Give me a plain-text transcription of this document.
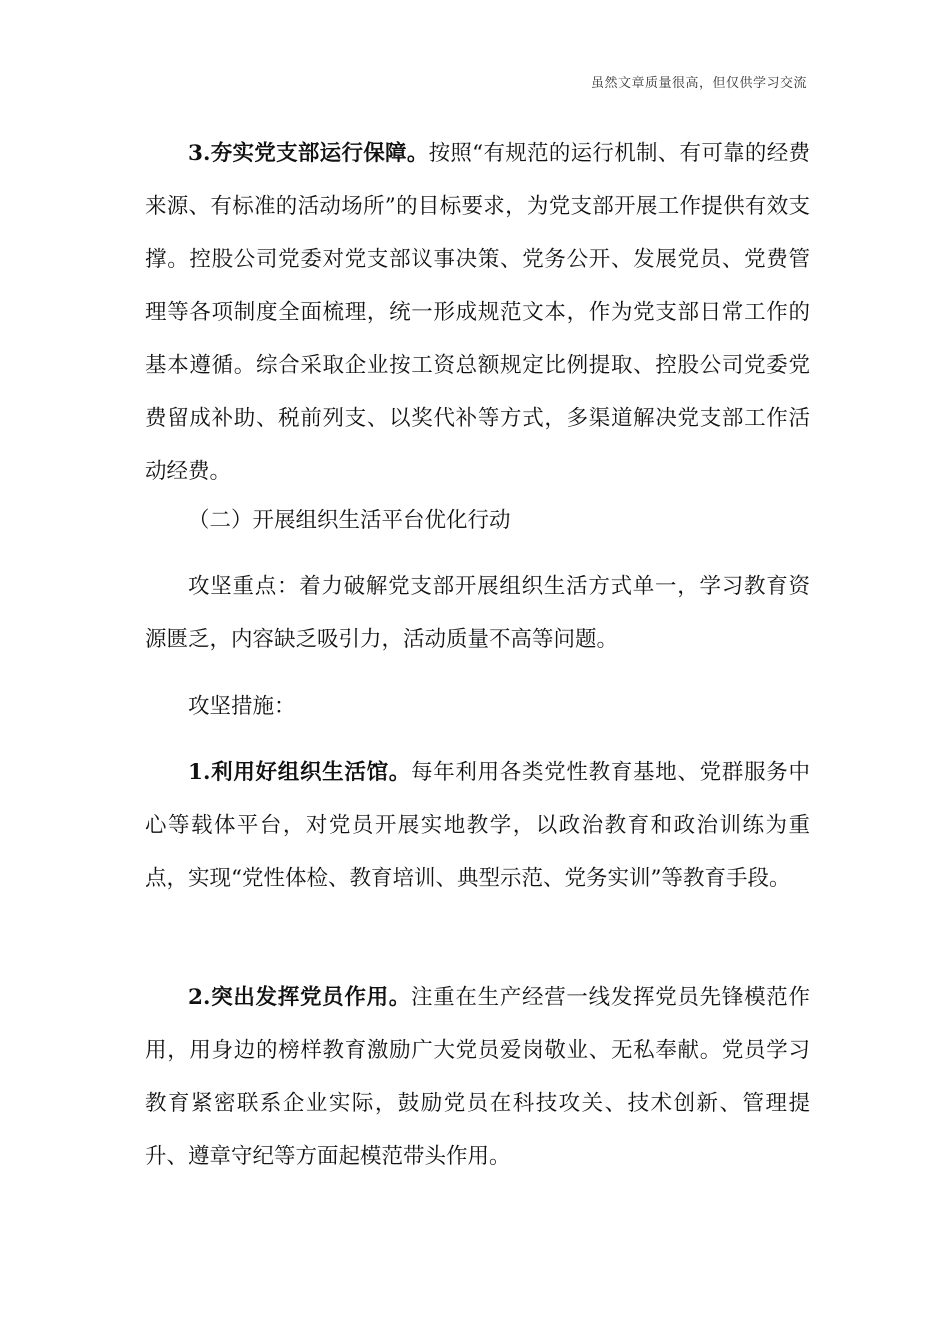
虽然文章质量很高，但仅供学习交流

3.夯实党支部运行保障。按照“有规范的运行机制、有可靠的经费来源、有标准的活动场所”的目标要求，为党支部开展工作提供有效支撑。控股公司党委对党支部议事决策、党务公开、发展党员、党费管理等各项制度全面梳理，统一形成规范文本，作为党支部日常工作的基本遵循。综合采取企业按工资总额规定比例提取、控股公司党委党费留成补助、税前列支、以奖代补等方式，多渠道解决党支部工作活动经费。

（二）开展组织生活平台优化行动

攻坚重点：着力破解党支部开展组织生活方式单一，学习教育资源匮乏，内容缺乏吸引力，活动质量不高等问题。

攻坚措施：

1.利用好组织生活馆。每年利用各类党性教育基地、党群服务中心等载体平台，对党员开展实地教学，以政治教育和政治训练为重点，实现“党性体检、教育培训、典型示范、党务实训”等教育手段。

2.突出发挥党员作用。注重在生产经营一线发挥党员先锋模范作用，用身边的榜样教育激励广大党员爱岗敬业、无私奉献。党员学习教育紧密联系企业实际，鼓励党员在科技攻关、技术创新、管理提升、遵章守纪等方面起模范带头作用。
